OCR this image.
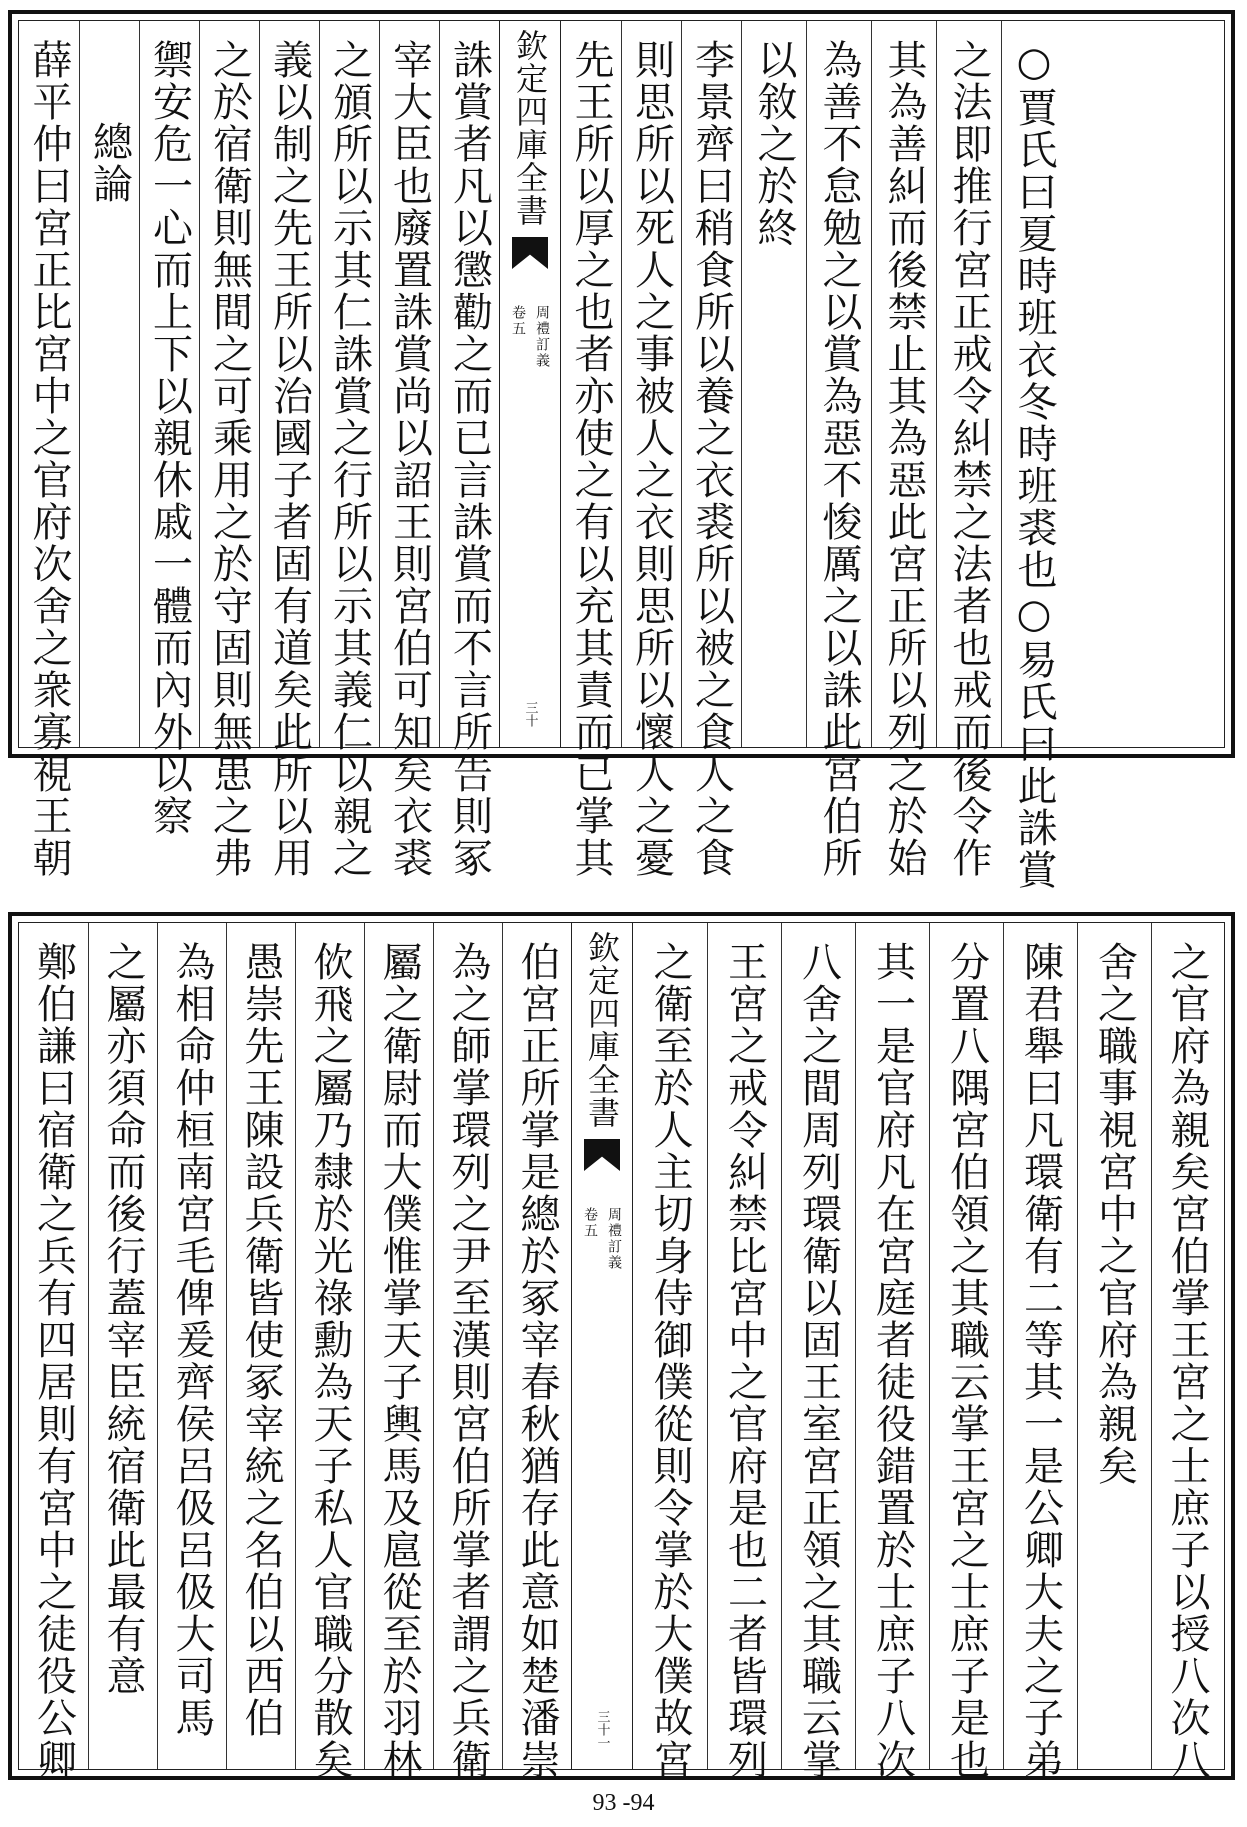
薛平仲曰宮正比宮中之官府次舍之衆寡視王朝 總論 禦安危一心而上下以親休戚一體而內外以察 之於宿衛則無間之可乘用之於守固則無患之弗 義以制之先王所以治國子者固有道矣此所以用 之頒所以示其仁誅賞之行所以示其義仁以親之 宰大臣也廢置誅賞尚以詔王則宮伯可知矣衣裘 誅賞者凡以懲勸之而已言誅賞而不言所告則冢 欽定四庫全書
周禮訂義
卷五
三十 先王所以厚之也者亦使之有以充其責而已掌其 則思所以死人之事被人之衣則思所以懷人之憂 李景齊曰稍食所以養之衣裘所以被之食人之食 以敘之於終 為善不怠勉之以賞為惡不悛厲之以誅此宮伯所 其為善糾而後禁止其為惡此宮正所以列之於始 之法即推行宮正戒令糾禁之法者也戒而後令作 ○賈氏曰夏時班衣冬時班裘也○易氏曰此誅賞
鄭伯謙曰宿衛之兵有四居則有宮中之徒役公卿 之屬亦須命而後行蓋宰臣統宿衛此最有意 為相命仲桓南宮毛俾爰齊侯呂伋呂伋大司馬 愚崇先王陳設兵衛皆使冢宰統之名伯以西伯 佽飛之屬乃隸於光祿勳為天子私人官職分散矣 屬之衛尉而大僕惟掌天子輿馬及扈從至於羽林 為之師掌環列之尹至漢則宮伯所掌者謂之兵衛 伯宮正所掌是總於冢宰春秋猶存此意如楚潘崇 欽定四庫全書
周禮訂義
卷五
三十一 之衛至於人主切身侍御僕從則令掌於大僕故宮 王宮之戒令糾禁比宮中之官府是也二者皆環列 八舍之間周列環衛以固王室宮正領之其職云掌 其一是官府凡在宮庭者徒役錯置於士庶子八次 分置八隅宮伯領之其職云掌王宮之士庶子是也 陳君舉曰凡環衛有二等其一是公卿大夫之子弟 舍之職事視宮中之官府為親矣 之官府為親矣宮伯掌王宮之士庶子以授八次八
93 -94
